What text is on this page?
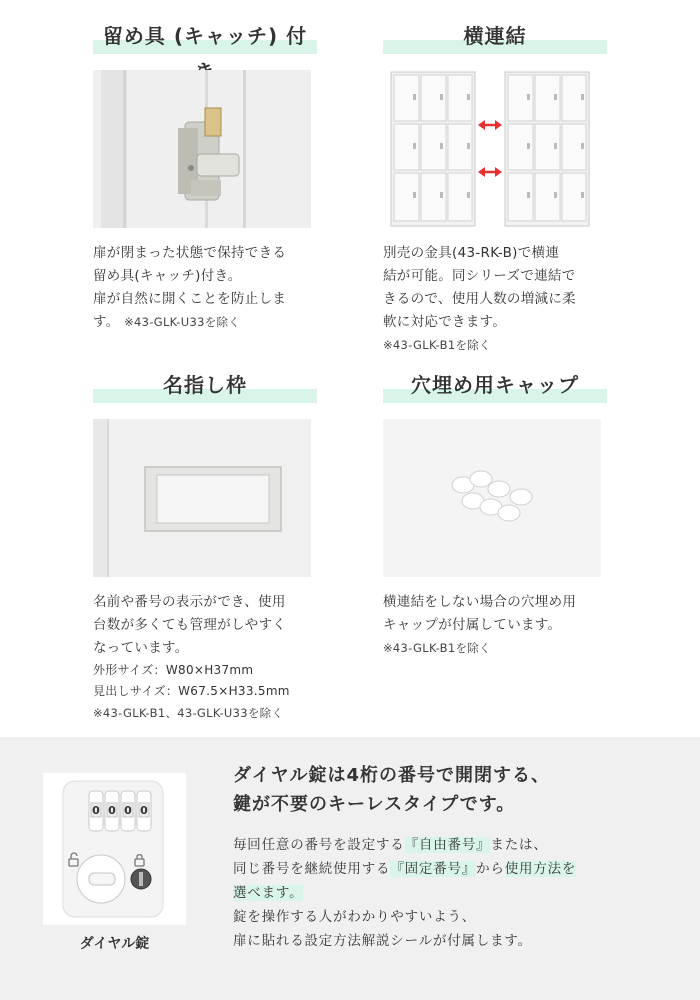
留め具 (キャッチ) 付
扉が閉まった状態で保持できる
留め具(キャッチ)付き。
扉が自然に開くことを防止しま
す。 ※43-GLK-U33を除く
横連結
別売の金具(43-RK-B)で横連
結が可能。同シリーズで連結で
きるので、使用人数の増減に柔
軟に対応できます。
※43-GLK-B1を除く
名指し枠
名前や番号の表示ができ、使用
台数が多くても管理がしやすく
なっています。
外形サイズ：W80×H37mm
見出しサイズ：W67.5×H33.5mm
※43-GLK-B1、43-GLK-U33を除く
穴埋め用キャップ
横連結をしない場合の穴埋め用
キャップが付属しています。
※43-GLK-B1を除く
0 0 0 0
ダイヤル錠
ダイヤル錠は4桁の番号で開閉する、
鍵が不要のキーレスタイプです。
毎回任意の番号を設定する『自由番号』または、
同じ番号を継続使用する『固定番号』から使用方法を
選べます。
錠を操作する人がわかりやすいよう、
扉に貼れる設定方法解説シールが付属します。
